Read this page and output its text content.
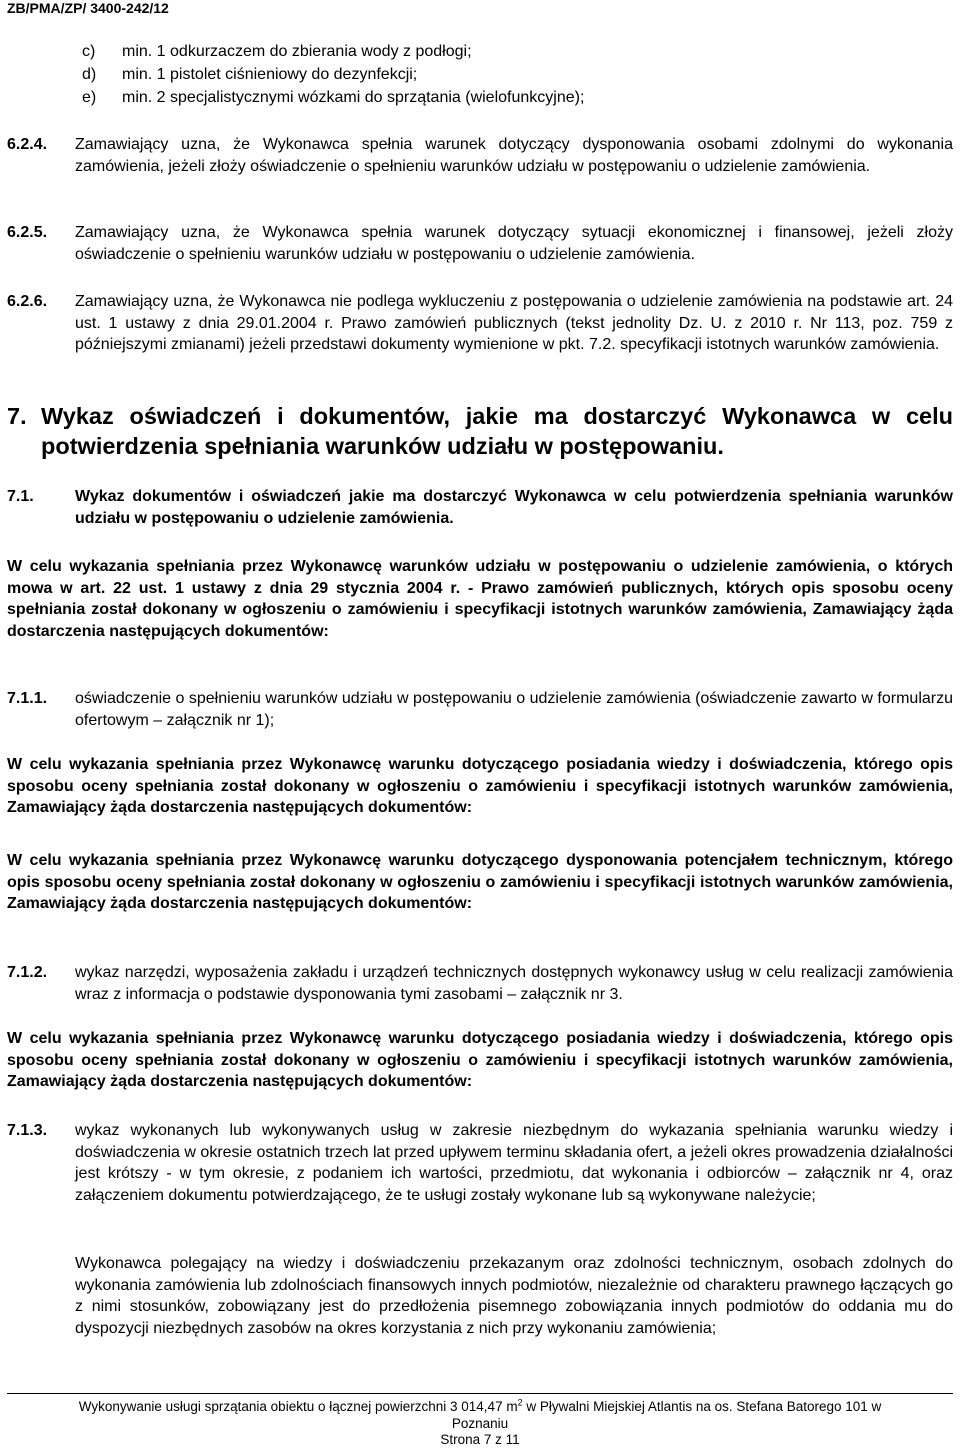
ZB/PMA/ZP/ 3400-242/12
c)	min. 1 odkurzaczem do zbierania wody z podłogi;
d)	min. 1 pistolet ciśnieniowy do dezynfekcji;
e)	min. 2 specjalistycznymi wózkami do sprzątania (wielofunkcyjne);
6.2.4.	Zamawiający uzna, że Wykonawca spełnia warunek dotyczący dysponowania osobami zdolnymi do wykonania zamówienia, jeżeli złoży oświadczenie o spełnieniu warunków udziału w postępowaniu o udzielenie zamówienia.
6.2.5.	Zamawiający uzna, że Wykonawca spełnia warunek dotyczący sytuacji ekonomicznej i finansowej, jeżeli złoży oświadczenie o spełnieniu warunków udziału w postępowaniu o udzielenie zamówienia.
6.2.6.	Zamawiający uzna, że Wykonawca nie podlega wykluczeniu z postępowania o udzielenie zamówienia na podstawie art. 24 ust. 1 ustawy z dnia 29.01.2004 r. Prawo zamówień publicznych (tekst jednolity Dz. U. z 2010 r. Nr 113, poz. 759 z późniejszymi zmianami) jeżeli przedstawi dokumenty wymienione w pkt. 7.2. specyfikacji istotnych warunków zamówienia.
7. Wykaz oświadczeń i dokumentów, jakie ma dostarczyć Wykonawca w celu potwierdzenia spełniania warunków udziału w postępowaniu.
7.1.	Wykaz dokumentów i oświadczeń jakie ma dostarczyć Wykonawca w celu potwierdzenia spełniania warunków udziału w postępowaniu o udzielenie zamówienia.
W celu wykazania spełniania przez Wykonawcę warunków udziału w postępowaniu o udzielenie zamówienia, o których mowa w art. 22 ust. 1 ustawy z dnia 29 stycznia 2004 r. - Prawo zamówień publicznych, których opis sposobu oceny spełniania został dokonany w ogłoszeniu o zamówieniu i specyfikacji istotnych warunków zamówienia, Zamawiający żąda dostarczenia następujących dokumentów:
7.1.1.	oświadczenie o spełnieniu warunków udziału w postępowaniu o udzielenie zamówienia (oświadczenie zawarto w formularzu ofertowym – załącznik nr 1);
W celu wykazania spełniania przez Wykonawcę warunku dotyczącego posiadania wiedzy i doświadczenia, którego opis sposobu oceny spełniania został dokonany w ogłoszeniu o zamówieniu i specyfikacji istotnych warunków zamówienia, Zamawiający żąda dostarczenia następujących dokumentów:
W celu wykazania spełniania przez Wykonawcę warunku dotyczącego dysponowania potencjałem technicznym, którego opis sposobu oceny spełniania został dokonany w ogłoszeniu o zamówieniu i specyfikacji istotnych warunków zamówienia, Zamawiający żąda dostarczenia następujących dokumentów:
7.1.2.	wykaz narzędzi, wyposażenia zakładu i urządzeń technicznych dostępnych wykonawcy usług w celu realizacji zamówienia wraz z informacja o podstawie dysponowania tymi zasobami – załącznik nr 3.
W celu wykazania spełniania przez Wykonawcę warunku dotyczącego posiadania wiedzy i doświadczenia, którego opis sposobu oceny spełniania został dokonany w ogłoszeniu o zamówieniu i specyfikacji istotnych warunków zamówienia, Zamawiający żąda dostarczenia następujących dokumentów:
7.1.3.	wykaz wykonanych lub wykonywanych usług w zakresie niezbędnym do wykazania spełniania warunku wiedzy i doświadczenia w okresie ostatnich trzech lat przed upływem terminu składania ofert, a jeżeli okres prowadzenia działalności jest krótszy - w tym okresie, z podaniem ich wartości, przedmiotu, dat wykonania i odbiorców – załącznik nr 4, oraz załączeniem dokumentu potwierdzającego, że te usługi zostały wykonane lub są wykonywane należycie;
Wykonawca polegający na wiedzy i doświadczeniu przekazanym oraz zdolności technicznym, osobach zdolnych do wykonania zamówienia lub zdolnościach finansowych innych podmiotów, niezależnie od charakteru prawnego łączących go z nimi stosunków, zobowiązany jest do przedłożenia pisemnego zobowiązania innych podmiotów do oddania mu do dyspozycji niezbędnych zasobów na okres korzystania z nich przy wykonaniu zamówienia;
Wykonywanie usługi sprzątania obiektu o łącznej powierzchni 3 014,47 $m^2$ w Pływalni Miejskiej Atlantis na os. Stefana Batorego 101 w
Poznaniu
Strona 7 z 11
